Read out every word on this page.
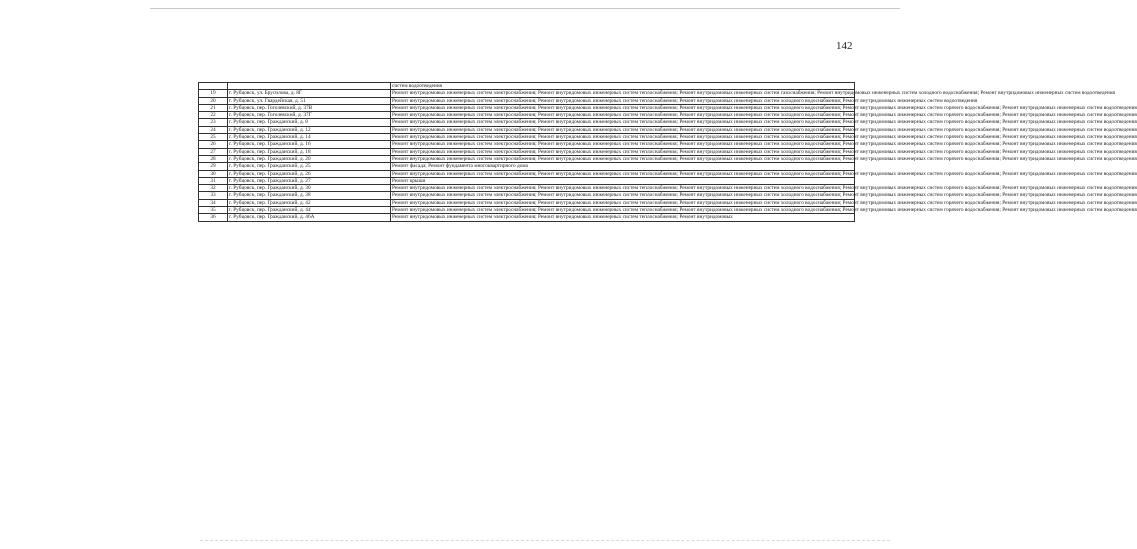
142
		систем водоотведения
19	г. Рубцовск, ул. Брусилова, д. 8Г	Ремонт внутридомовых инженерных систем электроснабжения; Ремонт внутридомовых инженерных систем теплоснабжения; Ремонт внутридомовых инженерных систем газоснабжения; Ремонт внутридомовых инженерных систем холодного водоснабжения; Ремонт внутридомовых инженерных систем водоотведения
20	г. Рубцовск, ул. Гвардейская, д. 51	Ремонт внутридомовых инженерных систем электроснабжения; Ремонт внутридомовых инженерных систем теплоснабжения; Ремонт внутридомовых инженерных систем холодного водоснабжения; Ремонт внутридомовых инженерных систем водоотведения
21	г. Рубцовск, пер. Гоголевский, д. 37В	Ремонт внутридомовых инженерных систем электроснабжения; Ремонт внутридомовых инженерных систем теплоснабжения; Ремонт внутридомовых инженерных систем холодного водоснабжения; Ремонт внутридомовых инженерных систем горячего водоснабжения; Ремонт внутридомовых инженерных систем водоотведения
22	г. Рубцовск, пер. Гоголевский, д. 37Г	Ремонт внутридомовых инженерных систем электроснабжения; Ремонт внутридомовых инженерных систем теплоснабжения; Ремонт внутридомовых инженерных систем холодного водоснабжения; Ремонт внутридомовых инженерных систем горячего водоснабжения; Ремонт внутридомовых инженерных систем водоотведения
23	г. Рубцовск, пер. Гражданский, д. 8	Ремонт внутридомовых инженерных систем электроснабжения; Ремонт внутридомовых инженерных систем теплоснабжения; Ремонт внутридомовых инженерных систем холодного водоснабжения; Ремонт внутридомовых инженерных систем горячего водоснабжения; Ремонт внутридомовых инженерных систем водоотведения
24	г. Рубцовск, пер. Гражданский, д. 12	Ремонт внутридомовых инженерных систем электроснабжения; Ремонт внутридомовых инженерных систем теплоснабжения; Ремонт внутридомовых инженерных систем холодного водоснабжения; Ремонт внутридомовых инженерных систем горячего водоснабжения; Ремонт внутридомовых инженерных систем водоотведения
25	г. Рубцовск, пер. Гражданский, д. 14	Ремонт внутридомовых инженерных систем электроснабжения; Ремонт внутридомовых инженерных систем теплоснабжения; Ремонт внутридомовых инженерных систем холодного водоснабжения; Ремонт внутридомовых инженерных систем горячего водоснабжения; Ремонт внутридомовых инженерных систем водоотведения
26	г. Рубцовск, пер. Гражданский, д. 16	Ремонт внутридомовых инженерных систем электроснабжения; Ремонт внутридомовых инженерных систем теплоснабжения; Ремонт внутридомовых инженерных систем холодного водоснабжения; Ремонт внутридомовых инженерных систем горячего водоснабжения; Ремонт внутридомовых инженерных систем водоотведения
27	г. Рубцовск, пер. Гражданский, д. 18	Ремонт внутридомовых инженерных систем электроснабжения; Ремонт внутридомовых инженерных систем теплоснабжения; Ремонт внутридомовых инженерных систем холодного водоснабжения; Ремонт внутридомовых инженерных систем горячего водоснабжения; Ремонт внутридомовых инженерных систем водоотведения
28	г. Рубцовск, пер. Гражданский, д. 20	Ремонт внутридомовых инженерных систем электроснабжения; Ремонт внутридомовых инженерных систем теплоснабжения; Ремонт внутридомовых инженерных систем холодного водоснабжения; Ремонт внутридомовых инженерных систем горячего водоснабжения; Ремонт внутридомовых инженерных систем водоотведения
29	г. Рубцовск, пер. Гражданский, д. 25	Ремонт фасада; Ремонт фундамента многоквартирного дома
30	г. Рубцовск, пер. Гражданский, д. 26	Ремонт внутридомовых инженерных систем электроснабжения; Ремонт внутридомовых инженерных систем теплоснабжения; Ремонт внутридомовых инженерных систем холодного водоснабжения; Ремонт внутридомовых инженерных систем горячего водоснабжения; Ремонт внутридомовых инженерных систем водоотведения
31	г. Рубцовск, пер. Гражданский, д. 27	Ремонт крыши
32	г. Рубцовск, пер. Гражданский, д. 30	Ремонт внутридомовых инженерных систем электроснабжения; Ремонт внутридомовых инженерных систем теплоснабжения; Ремонт внутридомовых инженерных систем холодного водоснабжения; Ремонт внутридомовых инженерных систем горячего водоснабжения; Ремонт внутридомовых инженерных систем водоотведения
33	г. Рубцовск, пер. Гражданский, д. 38	Ремонт внутридомовых инженерных систем электроснабжения; Ремонт внутридомовых инженерных систем теплоснабжения; Ремонт внутридомовых инженерных систем холодного водоснабжения; Ремонт внутридомовых инженерных систем горячего водоснабжения; Ремонт внутридомовых инженерных систем водоотведения
34	г. Рубцовск, пер. Гражданский, д. 42	Ремонт внутридомовых инженерных систем электроснабжения; Ремонт внутридомовых инженерных систем теплоснабжения; Ремонт внутридомовых инженерных систем холодного водоснабжения; Ремонт внутридомовых инженерных систем горячего водоснабжения; Ремонт внутридомовых инженерных систем водоотведения
35	г. Рубцовск, пер. Гражданский, д. 44	Ремонт внутридомовых инженерных систем электроснабжения; Ремонт внутридомовых инженерных систем теплоснабжения; Ремонт внутридомовых инженерных систем холодного водоснабжения; Ремонт внутридомовых инженерных систем горячего водоснабжения; Ремонт внутридомовых инженерных систем водоотведения
36	г. Рубцовск, пер. Гражданский, д. 46А	Ремонт внутридомовых инженерных систем электроснабжения; Ремонт внутридомовых инженерных систем теплоснабжения; Ремонт внутридомовых
